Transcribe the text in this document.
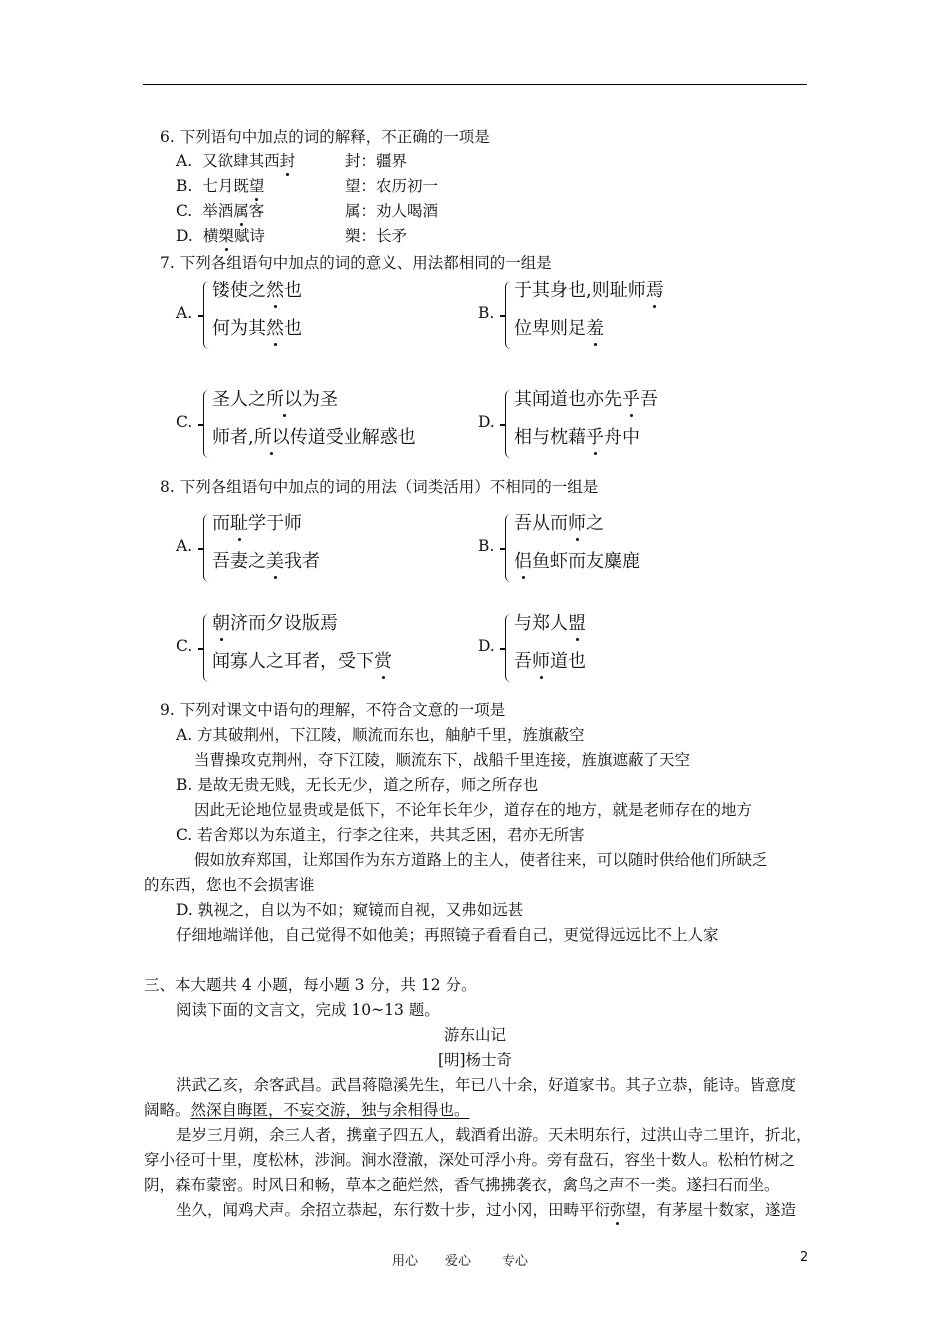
6. 下列语句中加点的词的解释，不正确的一项是
A. 又欲肆其西封	封：疆界
B. 七月既望	望：农历初一
C. 举酒属客	属：劝人喝酒
D. 横槊赋诗	槊：长矛
7. 下列各组语句中加点的词的意义、用法都相同的一组是
A.
镂使之然也
何为其然也
B.
于其身也,则耻师焉
位卑则足羞
C.
圣人之所以为圣
师者,所以传道受业解惑也
D.
其闻道也亦先乎吾
相与枕藉乎舟中
8. 下列各组语句中加点的词的用法（词类活用）不相同的一组是
A.
而耻学于师
吾妻之美我者
B.
吾从而师之
侣鱼虾而友麋鹿
C.
朝济而夕设版焉
闻寡人之耳者，受下赏
D.
与郑人盟
吾师道也
9. 下列对课文中语句的理解，不符合文意的一项是
A. 方其破荆州，下江陵，顺流而东也，舳舻千里，旌旗蔽空
当曹操攻克荆州，夺下江陵，顺流东下，战船千里连接，旌旗遮蔽了天空
B. 是故无贵无贱，无长无少，道之所存，师之所存也
因此无论地位显贵或是低下，不论年长年少，道存在的地方，就是老师存在的地方
C. 若舍郑以为东道主，行李之往来，共其乏困，君亦无所害
假如放弃郑国，让郑国作为东方道路上的主人，使者往来，可以随时供给他们所缺乏
的东西，您也不会损害谁
D. 孰视之，自以为不如；窥镜而自视，又弗如远甚
仔细地端详他，自己觉得不如他美；再照镜子看看自己，更觉得远远比不上人家
三、本大题共 4 小题，每小题 3 分，共 12 分。
阅读下面的文言文，完成 10~13 题。
游东山记
[明]杨士奇
洪武乙亥，余客武昌。武昌蒋隐溪先生，年已八十余，好道家书。其子立恭，能诗。皆意度
阔略。然深自晦匿，不妄交游，独与余相得也。
是岁三月朔，余三人者，携童子四五人，载酒肴出游。天未明东行，过洪山寺二里许，折北，
穿小径可十里，度松林，涉涧。涧水澄澈，深处可浮小舟。旁有盘石，容坐十数人。松柏竹树之
阴，森布蒙密。时风日和畅，草本之葩烂然，香气拂拂袭衣，禽鸟之声不一类。遂扫石而坐。
坐久，闻鸡犬声。余招立恭起，东行数十步，过小冈，田畴平衍弥望，有茅屋十数家，遂造
用心 爱心 专心	2
